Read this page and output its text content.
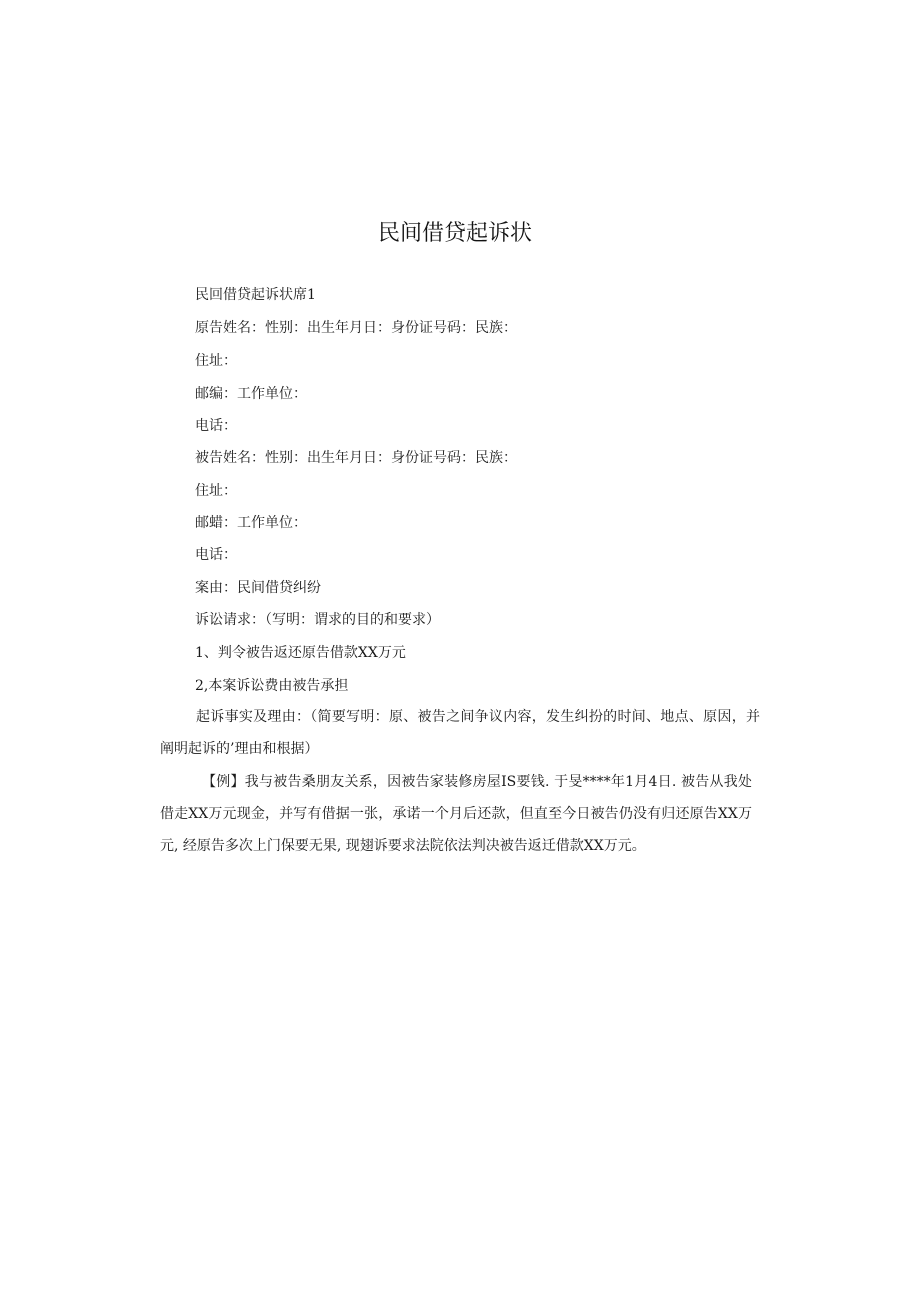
民间借贷起诉状

民回借贷起诉状席1

原告姓名：性别：出生年月日：身份证号码：民族：

住址：

邮编：工作单位：

电话：

被告姓名：性别：出生年月日：身份证号码：民族：

住址：

邮蜡：工作单位：

电话：

案由：民间借贷纠纷

诉讼请求：（写明：谓求的目的和要求）

1、判令被告返还原告借款XX万元

2,本案诉讼费由被告承担

起诉事实及理由：（简要写明：原、被告之间争议内容，发生纠扮的时间、地点、原因，并阐明起诉的’理由和根据）

【例】我与被告桑朋友关系，因被告家装修房屋IS要钱. 于旻****年1月4日. 被告从我处借走XX万元现金，并写有借据一张，承诺一个月后还款，但直至今日被告仍没有归还原告XX万元, 经原告多次上门保要无果, 现翅诉要求法院依法判决被告返迁借款XX万元。
